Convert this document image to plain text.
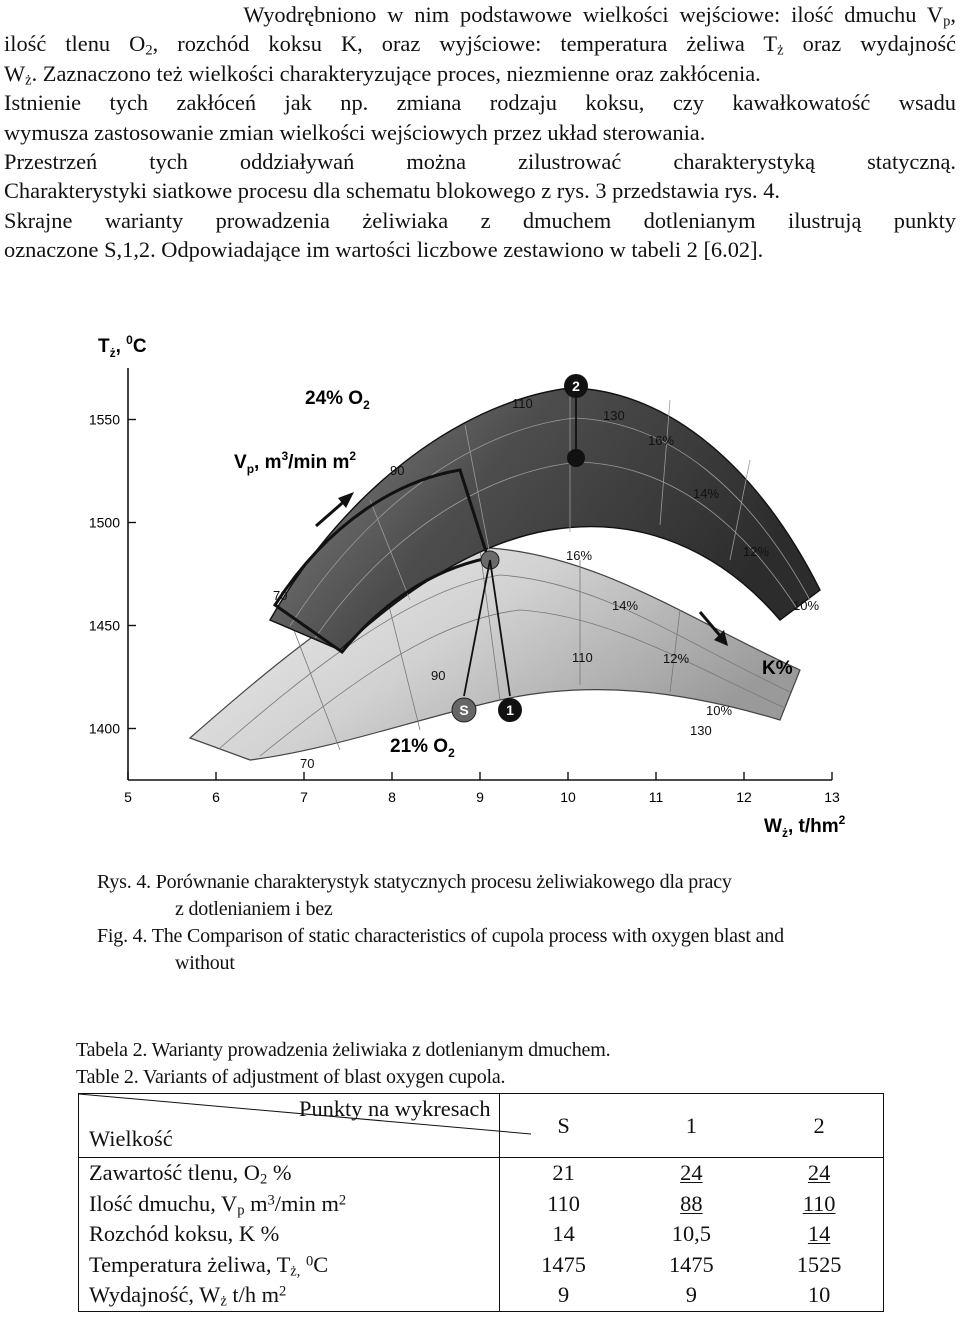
Wyodrębniono w nim podstawowe wielkości wejściowe: ilość dmuchu $V_p$,
ilość tlenu $O_2$, rozchód koksu K, oraz wyjściowe: temperatura żeliwa $T_ż$ oraz wydajność
$W_ż$. Zaznaczono też wielkości charakteryzujące proces, niezmienne oraz zakłócenia.
Istnienie tych zakłóceń jak np. zmiana rodzaju koksu, czy kawałkowatość wsadu
wymusza zastosowanie zmian wielkości wejściowych przez układ sterowania.
Przestrzeń tych oddziaływań można zilustrować charakterystyką statyczną.
Charakterystyki siatkowe procesu dla schematu blokowego z rys. 3 przedstawia rys. 4.
Skrajne warianty prowadzenia żeliwiaka z dmuchem dotlenianym ilustrują punkty
oznaczone S,1,2. Odpowiadające im wartości liczbowe zestawiono w tabeli 2 [6.02].
1400
1450
1500
1550
5	6	7	8	9	10	11	12	13
$T_ż$, $^0$C
$W_ż$, $t/hm^2$
90
110
130
16%
14%
12%
10%
16%
14%
12%
10%
70
90
110
130
70
24% $O_2$
21% $O_2$
$V_p$, $m^3/\min$ $m^2$
K%
2
S	1
Rys. 4. Porównanie charakterystyk statycznych procesu żeliwiakowego dla pracy
z dotlenianiem i bez
Fig. 4. The Comparison of static characteristics of cupola process with oxygen blast and
without
Tabela 2. Warianty prowadzenia żeliwiaka z dotlenianym dmuchem.
Table 2. Variants of adjustment of blast oxygen cupola.
Punkty na wykresach
Wielkość	S	1	2
Zawartość tlenu, $O_2$ %	21	24	24
Ilość dmuchu, $V_p$ $m^3/\min$ $m^2$	110	88	110
Rozchód koksu, K %	14	10,5	14
Temperatura żeliwa, $T_{ż,}$ $^0$C	1475	1475	1525
Wydajność, $W_ż$ t/h $m^2$	9	9	10
